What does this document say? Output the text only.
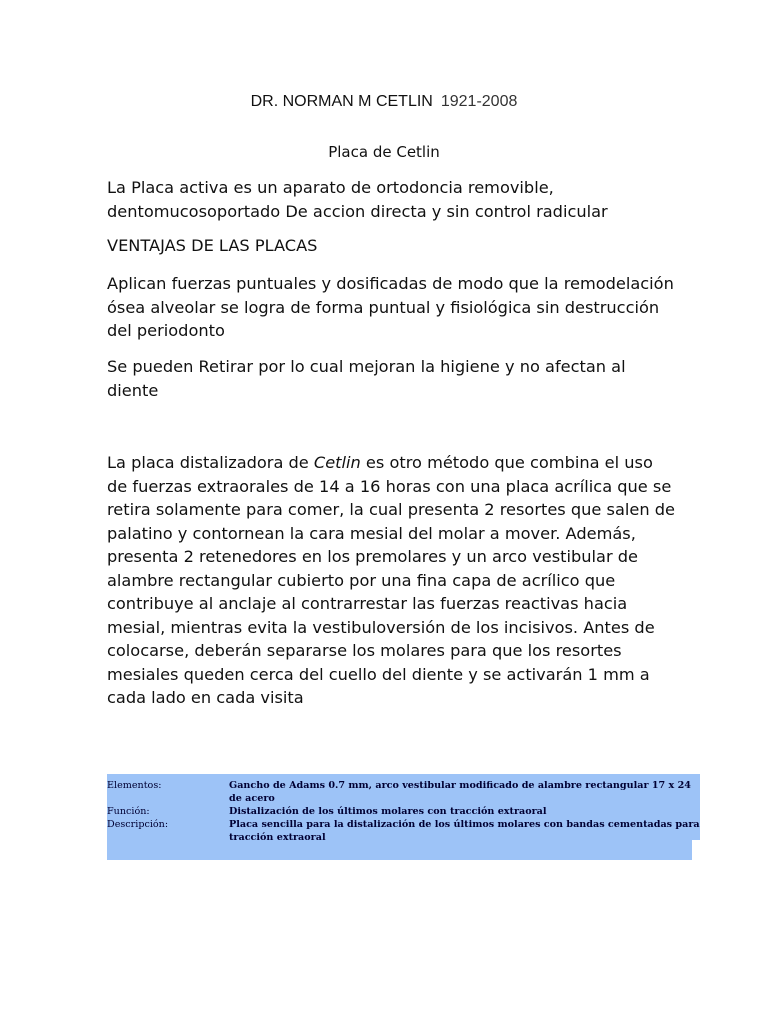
DR. NORMAN M CETLIN 1921-2008
Placa de Cetlin

La Placa activa es un aparato de ortodoncia removible, dentomucosoportado De accion directa y sin control radicular

VENTAJAS DE LAS PLACAS

Aplican fuerzas puntuales y dosificadas de modo que la remodelación ósea alveolar se logra de forma puntual y fisiológica sin destrucción del periodonto

Se pueden Retirar por lo cual mejoran la higiene y no afectan al diente

La placa distalizadora de Cetlin es otro método que combina el uso de fuerzas extraorales de 14 a 16 horas con una placa acrílica que se retira solamente para comer, la cual presenta 2 resortes que salen de palatino y contornean la cara mesial del molar a mover. Además, presenta 2 retenedores en los premolares y un arco vestibular de alambre rectangular cubierto por una fina capa de acrílico que contribuye al anclaje al contrarrestar las fuerzas reactivas hacia mesial, mientras evita la vestibuloversión de los incisivos. Antes de colocarse, deberán separarse los molares para que los resortes mesiales queden cerca del cuello del diente y se activarán 1 mm a cada lado en cada visita

Elementos:	Gancho de Adams 0.7 mm, arco vestibular modificado de alambre rectangular 17 x 24 de acero
Función:	Distalización de los últimos molares con tracción extraoral
Descripción:	Placa sencilla para la distalización de los últimos molares con bandas cementadas para tracción extraoral
